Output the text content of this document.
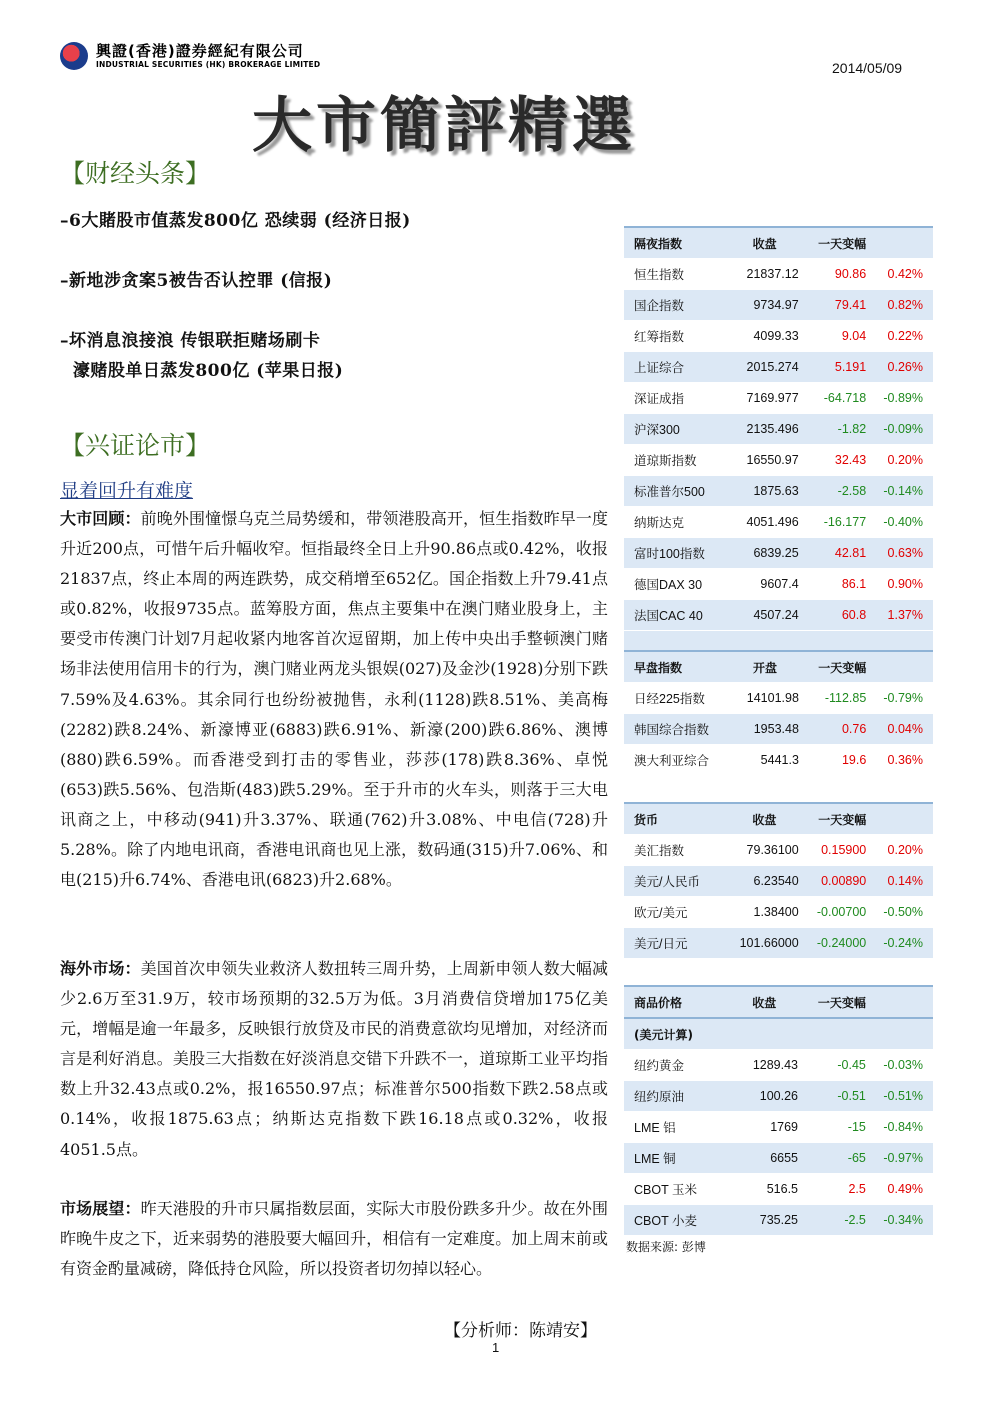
興證(香港)證券經紀有限公司
INDUSTRIAL SECURITIES (HK) BROKERAGE LIMITED	2014/05/09
大市簡評精選
【财经头条】
–6大賭股市值蒸发800亿 恐续弱 (经济日报)
–新地涉贪案5被告否认控罪 (信报)
–坏消息浪接浪 传银联拒赌场刷卡
濠赌股单日蒸发800亿 (苹果日报)
【兴证论市】
显着回升有难度
大市回顾：前晚外围憧憬乌克兰局势缓和，带领港股高开，恒生指数昨早一度升近200点，可惜午后升幅收窄。恒指最终全日上升90.86点或0.42%，收报21837点，终止本周的两连跌势，成交稍增至652亿。国企指数上升79.41点或0.82%，收报9735点。蓝筹股方面，焦点主要集中在澳门赌业股身上，主要受市传澳门计划7月起收紧内地客首次逗留期，加上传中央出手整顿澳门赌场非法使用信用卡的行为，澳门赌业两龙头银娱(027)及金沙(1928)分别下跌7.59%及4.63%。其余同行也纷纷被抛售，永利(1128)跌8.51%、美高梅(2282)跌8.24%、新濠博亚(6883)跌6.91%、新濠(200)跌6.86%、澳博(880)跌6.59%。而香港受到打击的零售业，莎莎(178)跌8.36%、卓悦(653)跌5.56%、包浩斯(483)跌5.29%。至于升市的火车头，则落于三大电讯商之上，中移动(941)升3.37%、联通(762)升3.08%、中电信(728)升5.28%。除了内地电讯商，香港电讯商也见上涨，数码通(315)升7.06%、和电(215)升6.74%、香港电讯(6823)升2.68%。
海外市场：美国首次申领失业救济人数扭转三周升势，上周新申领人数大幅减少2.6万至31.9万，较市场预期的32.5万为低。3月消费信贷增加175亿美元，增幅是逾一年最多，反映银行放贷及市民的消费意欲均见增加，对经济而言是利好消息。美股三大指数在好淡消息交错下升跌不一，道琼斯工业平均指数上升32.43点或0.2%，报16550.97点；标准普尔500指数下跌2.58点或0.14%，收报1875.63点；纳斯达克指数下跌16.18点或0.32%，收报4051.5点。
市场展望：昨天港股的升市只属指数层面，实际大市股份跌多升少。故在外围昨晚牛皮之下，近来弱势的港股要大幅回升，相信有一定难度。加上周末前或有资金酌量减磅，降低持仓风险，所以投资者切勿掉以轻心。
【分析师：陈靖安】
隔夜指数	收盘	一天变幅	
恒生指数	21837.12	90.86	0.42%
国企指数	9734.97	79.41	0.82%
红筹指数	4099.33	9.04	0.22%
上证综合	2015.274	5.191	0.26%
深证成指	7169.977	-64.718	-0.89%
沪深300	2135.496	-1.82	-0.09%
道琼斯指数	16550.97	32.43	0.20%
标准普尔500	1875.63	-2.58	-0.14%
纳斯达克	4051.496	-16.177	-0.40%
富时100指数	6839.25	42.81	0.63%
德国DAX 30	9607.4	86.1	0.90%
法国CAC 40	4507.24	60.8	1.37%

早盘指数	开盘	一天变幅	
日经225指数	14101.98	-112.85	-0.79%
韩国综合指数	1953.48	0.76	0.04%
澳大利亚综合	5441.3	19.6	0.36%
货币	收盘	一天变幅	
美汇指数	79.36100	0.15900	0.20%
美元/人民币	6.23540	0.00890	0.14%
欧元/美元	1.38400	-0.00700	-0.50%
美元/日元	101.66000	-0.24000	-0.24%
商品价格	收盘	一天变幅	
(美元计算)			
纽约黄金	1289.43	-0.45	-0.03%
纽约原油	100.26	-0.51	-0.51%
LME 铝	1769	-15	-0.84%
LME 铜	6655	-65	-0.97%
CBOT 玉米	516.5	2.5	0.49%
CBOT 小麦	735.25	-2.5	-0.34%
数据来源: 彭博
1
